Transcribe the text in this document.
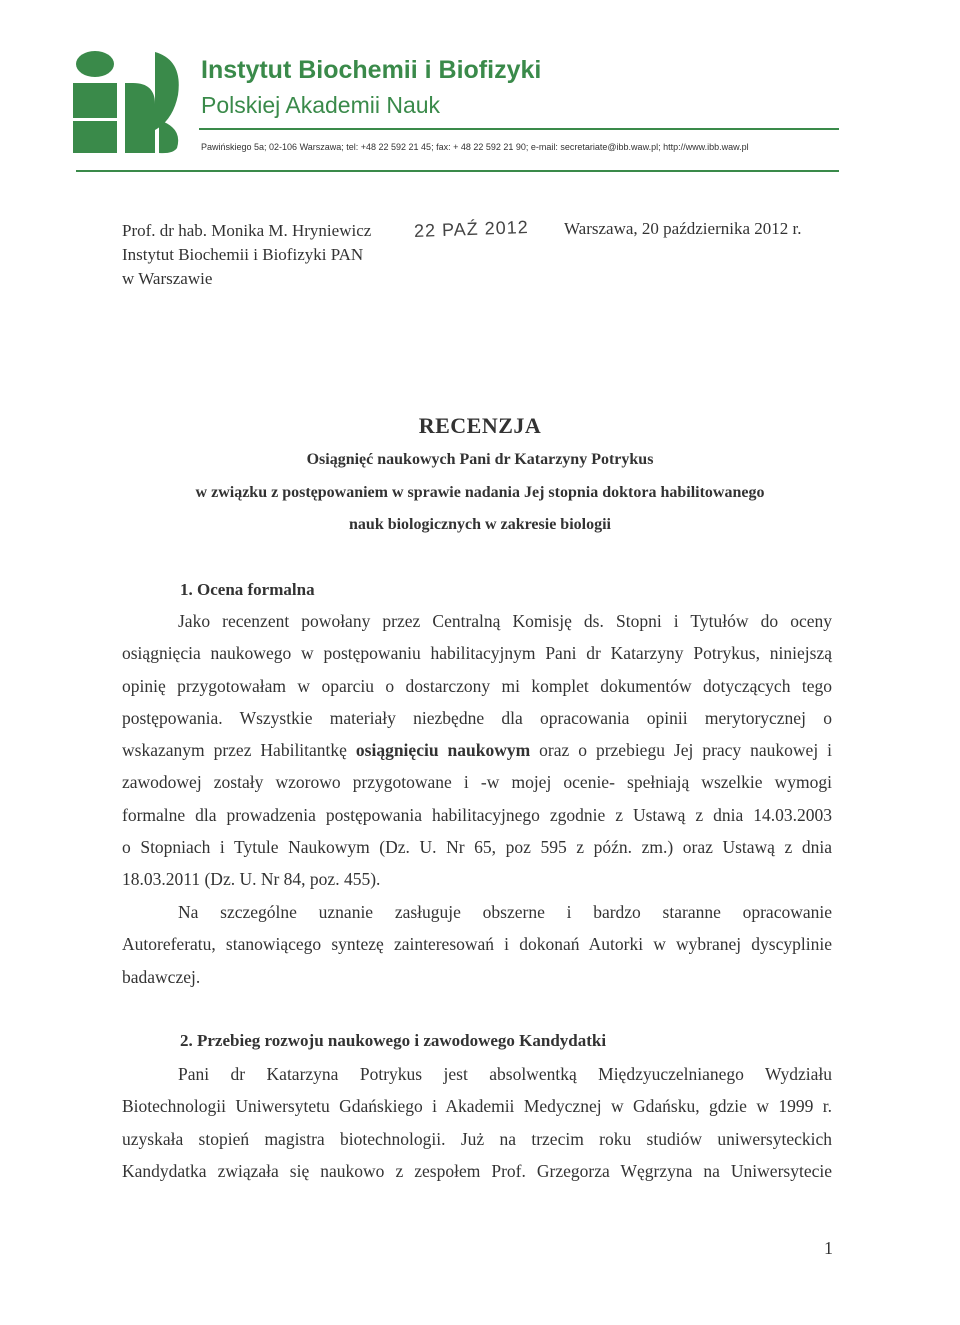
Instytut Biochemii i Biofizyki
Polskiej Akademii Nauk
Pawińskiego 5a; 02-106 Warszawa; tel: +48 22 592 21 45; fax: + 48 22 592 21 90; e-mail: secretariate@ibb.waw.pl; http://www.ibb.waw.pl
Prof. dr hab. Monika M. Hryniewicz
Instytut Biochemii i Biofizyki PAN
w Warszawie
22 PAŹ 2012 Warszawa, 20 października 2012 r.
RECENZJA
Osiągnięć naukowych Pani dr Katarzyny Potrykus
w związku z postępowaniem w sprawie nadania Jej stopnia doktora habilitowanego
nauk biologicznych w zakresie biologii
1. Ocena formalna

Jako recenzent powołany przez Centralną Komisję ds. Stopni i Tytułów do oceny
osiągnięcia naukowego w postępowaniu habilitacyjnym Pani dr Katarzyny Potrykus, niniejszą
opinię przygotowałam w oparciu o dostarczony mi komplet dokumentów dotyczących tego
postępowania. Wszystkie materiały niezbędne dla opracowania opinii merytorycznej o
wskazanym przez Habilitantkę osiągnięciu naukowym oraz o przebiegu Jej pracy naukowej i
zawodowej zostały wzorowo przygotowane i -w mojej ocenie- spełniają wszelkie wymogi
formalne dla prowadzenia postępowania habilitacyjnego zgodnie z Ustawą z dnia 14.03.2003
o Stopniach i Tytule Naukowym (Dz. U. Nr 65, poz 595 z późn. zm.) oraz Ustawą z dnia
18.03.2011 (Dz. U. Nr 84, poz. 455).

Na szczególne uznanie zasługuje obszerne i bardzo staranne opracowanie
Autoreferatu, stanowiącego syntezę zainteresowań i dokonań Autorki w wybranej dyscyplinie
badawczej.

2. Przebieg rozwoju naukowego i zawodowego Kandydatki

Pani dr Katarzyna Potrykus jest absolwentką Międzyuczelnianego Wydziału
Biotechnologii Uniwersytetu Gdańskiego i Akademii Medycznej w Gdańsku, gdzie w 1999 r.
uzyskała stopień magistra biotechnologii. Już na trzecim roku studiów uniwersyteckich
Kandydatka związała się naukowo z zespołem Prof. Grzegorza Węgrzyna na Uniwersytecie

1
